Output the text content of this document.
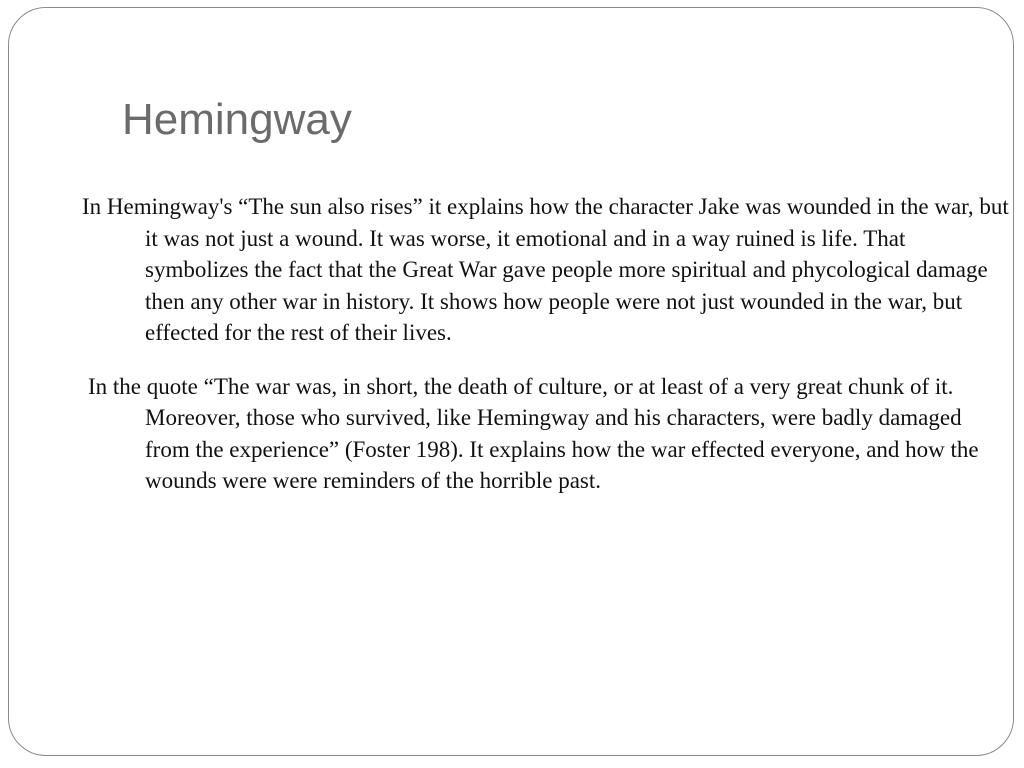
Hemingway

In Hemingway's “The sun also rises” it explains how the character Jake was wounded in the war, but it was not just a wound. It was worse, it emotional and in a way ruined is life. That symbolizes the fact that the Great War gave people more spiritual and phycological damage then any other war in history. It shows how people were not just wounded in the war, but effected for the rest of their lives.

In the quote “The war was, in short, the death of culture, or at least of a very great chunk of it. Moreover, those who survived, like Hemingway and his characters, were badly damaged from the experience” (Foster 198). It explains how the war effected everyone, and how the wounds were were reminders of the horrible past.
